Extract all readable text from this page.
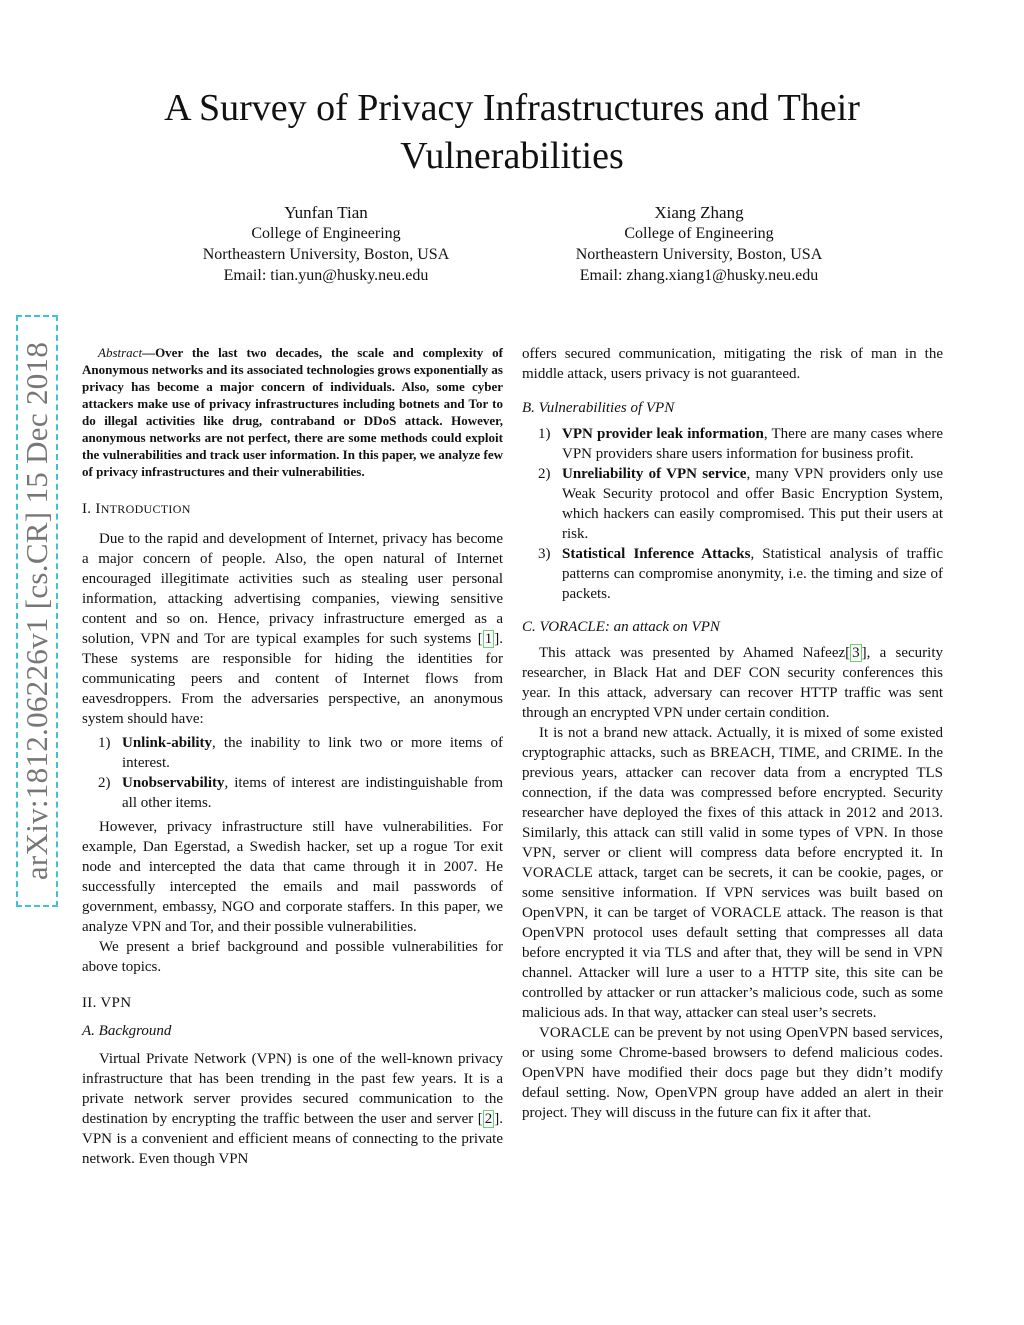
A Survey of Privacy Infrastructures and Their
Vulnerabilities
Yunfan Tian
College of Engineering
Northeastern University, Boston, USA
Email: tian.yun@husky.neu.edu
Xiang Zhang
College of Engineering
Northeastern University, Boston, USA
Email: zhang.xiang1@husky.neu.edu
arXiv:1812.06226v1 [cs.CR] 15 Dec 2018	Abstract—Over the last two decades, the scale and complexity of Anonymous networks and its associated technologies grows exponentially as privacy has become a major concern of individuals. Also, some cyber attackers make use of privacy infrastructures including botnets and Tor to do illegal activities like drug, contraband or DDoS attack. However, anonymous networks are not perfect, there are some methods could exploit the vulnerabilities and track user information. In this paper, we analyze few of privacy infrastructures and their vulnerabilities.

I. INTRODUCTION

Due to the rapid and development of Internet, privacy has become a major concern of people. Also, the open natural of Internet encouraged illegitimate activities such as stealing user personal information, attacking advertising companies, viewing sensitive content and so on. Hence, privacy infrastructure emerged as a solution, VPN and Tor are typical examples for such systems [ 1 ]. These systems are responsible for hiding the identities for communicating peers and content of Internet flows from eavesdroppers. From the adversaries perspective, an anonymous system should have:

1) Unlink-ability, the inability to link two or more items of interest.
2) Unobservability, items of interest are indistinguishable from all other items.

However, privacy infrastructure still have vulnerabilities. For example, Dan Egerstad, a Swedish hacker, set up a rogue Tor exit node and intercepted the data that came through it in 2007. He successfully intercepted the emails and mail passwords of government, embassy, NGO and corporate staffers. In this paper, we analyze VPN and Tor, and their possible vulnerabilities.

We present a brief background and possible vulnerabilities for above topics.

II. VPN

A. Background

Virtual Private Network (VPN) is one of the well-known privacy infrastructure that has been trending in the past few years. It is a private network server provides secured communication to the destination by encrypting the traffic between the user and server [ 2 ]. VPN is a convenient and efficient means of connecting to the private network. Even though VPN

offers secured communication, mitigating the risk of man in the middle attack, users privacy is not guaranteed.

B. Vulnerabilities of VPN

1) VPN provider leak information, There are many cases where VPN providers share users information for business profit.
2) Unreliability of VPN service, many VPN providers only use Weak Security protocol and offer Basic Encryption System, which hackers can easily compromised. This put their users at risk.
3) Statistical Inference Attacks, Statistical analysis of traffic patterns can compromise anonymity, i.e. the timing and size of packets.

C. VORACLE: an attack on VPN

This attack was presented by Ahamed Nafeez[ 3 ], a security researcher, in Black Hat and DEF CON security conferences this year. In this attack, adversary can recover HTTP traffic was sent through an encrypted VPN under certain condition.

It is not a brand new attack. Actually, it is mixed of some existed cryptographic attacks, such as BREACH, TIME, and CRIME. In the previous years, attacker can recover data from a encrypted TLS connection, if the data was compressed before encrypted. Security researcher have deployed the fixes of this attack in 2012 and 2013. Similarly, this attack can still valid in some types of VPN. In those VPN, server or client will compress data before encrypted it. In VORACLE attack, target can be secrets, it can be cookie, pages, or some sensitive information. If VPN services was built based on OpenVPN, it can be target of VORACLE attack. The reason is that OpenVPN protocol uses default setting that compresses all data before encrypted it via TLS and after that, they will be send in VPN channel. Attacker will lure a user to a HTTP site, this site can be controlled by attacker or run attacker’s malicious code, such as some malicious ads. In that way, attacker can steal user’s secrets.

VORACLE can be prevent by not using OpenVPN based services, or using some Chrome-based browsers to defend malicious codes. OpenVPN have modified their docs page but they didn’t modify defaul setting. Now, OpenVPN group have added an alert in their project. They will discuss in the future can fix it after that.
